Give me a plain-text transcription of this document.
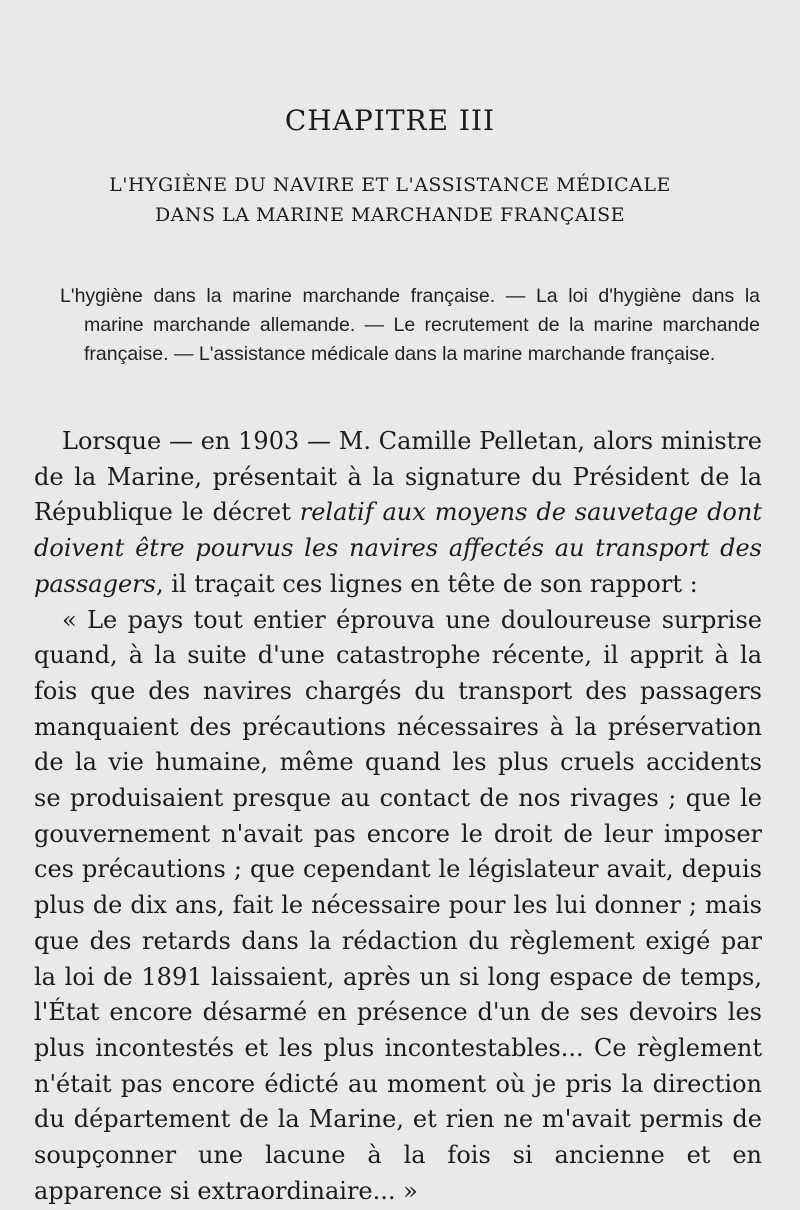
CHAPITRE III
L'HYGIÈNE DU NAVIRE ET L'ASSISTANCE MÉDICALE
DANS LA MARINE MARCHANDE FRANÇAISE

L'hygiène dans la marine marchande française. — La loi d'hygiène dans la marine marchande allemande. — Le recrutement de la marine marchande française. — L'assistance médicale dans la marine marchande française.

Lorsque — en 1903 — M. Camille Pelletan, alors ministre de la Marine, présentait à la signature du Président de la République le décret relatif aux moyens de sauvetage dont doivent être pourvus les navires affectés au transport des passagers, il traçait ces lignes en tête de son rapport :

« Le pays tout entier éprouva une douloureuse surprise quand, à la suite d'une catastrophe récente, il apprit à la fois que des navires chargés du transport des passagers manquaient des précautions nécessaires à la préservation de la vie humaine, même quand les plus cruels accidents se produisaient presque au contact de nos rivages ; que le gouvernement n'avait pas encore le droit de leur imposer ces précautions ; que cependant le législateur avait, depuis plus de dix ans, fait le nécessaire pour les lui donner ; mais que des retards dans la rédaction du règlement exigé par la loi de 1891 laissaient, après un si long espace de temps, l'État encore désarmé en présence d'un de ses devoirs les plus incontestés et les plus incontestables... Ce règlement n'était pas encore édicté au moment où je pris la direction du département de la Marine, et rien ne m'avait permis de soupçonner une lacune à la fois si ancienne et en apparence si extraordinaire... »
